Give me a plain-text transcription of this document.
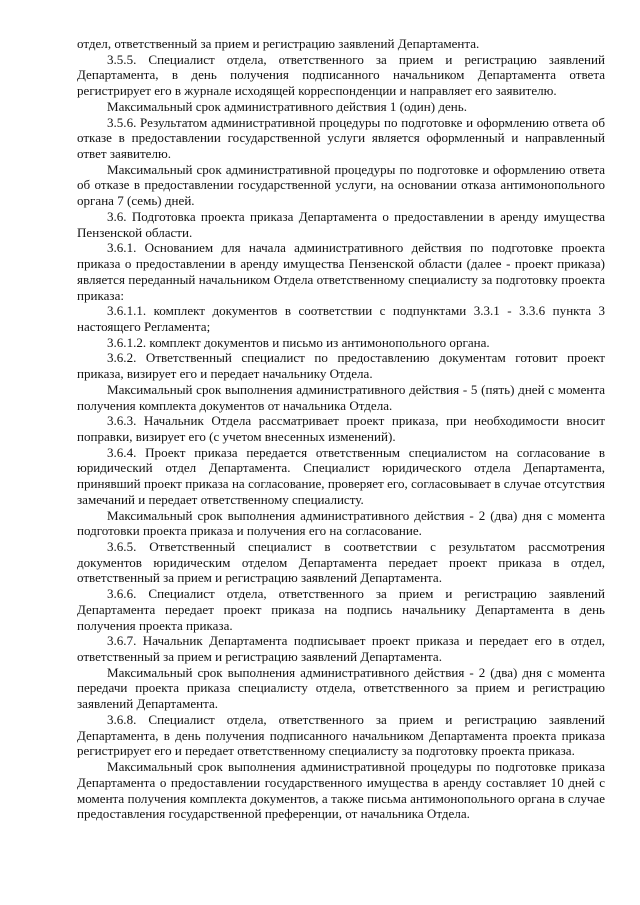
отдел, ответственный за прием и регистрацию заявлений Департамента.

3.5.5. Специалист отдела, ответственного за прием и регистрацию заявлений Департамента, в день получения подписанного начальником Департамента ответа регистрирует его в журнале исходящей корреспонденции и направляет его заявителю.

Максимальный срок административного действия 1 (один) день.

3.5.6. Результатом административной процедуры по подготовке и оформлению ответа об отказе в предоставлении государственной услуги является оформленный и направленный ответ заявителю.

Максимальный срок административной процедуры по подготовке и оформлению ответа об отказе в предоставлении государственной услуги, на основании отказа антимонопольного органа 7 (семь) дней.

3.6. Подготовка проекта приказа Департамента о предоставлении в аренду имущества Пензенской области.

3.6.1. Основанием для начала административного действия по подготовке проекта приказа о предоставлении в аренду имущества Пензенской области (далее - проект приказа) является переданный начальником Отдела ответственному специалисту за подготовку проекта приказа:

3.6.1.1. комплект документов в соответствии с подпунктами 3.3.1 - 3.3.6 пункта 3 настоящего Регламента;

3.6.1.2. комплект документов и письмо из антимонопольного органа.

3.6.2. Ответственный специалист по предоставлению документам готовит проект приказа, визирует его и передает начальнику Отдела.

Максимальный срок выполнения административного действия - 5 (пять) дней с момента получения комплекта документов от начальника Отдела.

3.6.3. Начальник Отдела рассматривает проект приказа, при необходимости вносит поправки, визирует его (с учетом внесенных изменений).

3.6.4. Проект приказа передается ответственным специалистом на согласование в юридический отдел Департамента. Специалист юридического отдела Департамента, принявший проект приказа на согласование, проверяет его, согласовывает в случае отсутствия замечаний и передает ответственному специалисту.

Максимальный срок выполнения административного действия - 2 (два) дня с момента подготовки проекта приказа и получения его на согласование.

3.6.5. Ответственный специалист в соответствии с результатом рассмотрения документов юридическим отделом Департамента передает проект приказа в отдел, ответственный за прием и регистрацию заявлений Департамента.

3.6.6. Специалист отдела, ответственного за прием и регистрацию заявлений Департамента передает проект приказа на подпись начальнику Департамента в день получения проекта приказа.

3.6.7. Начальник Департамента подписывает проект приказа и передает его в отдел, ответственный за прием и регистрацию заявлений Департамента.

Максимальный срок выполнения административного действия - 2 (два) дня с момента передачи проекта приказа специалисту отдела, ответственного за прием и регистрацию заявлений Департамента.

3.6.8. Специалист отдела, ответственного за прием и регистрацию заявлений Департамента, в день получения подписанного начальником Департамента проекта приказа регистрирует его и передает ответственному специалисту за подготовку проекта приказа.

Максимальный срок выполнения административной процедуры по подготовке приказа Департамента о предоставлении государственного имущества в аренду составляет 10 дней с момента получения комплекта документов, а также письма антимонопольного органа в случае предоставления государственной преференции, от начальника Отдела.
